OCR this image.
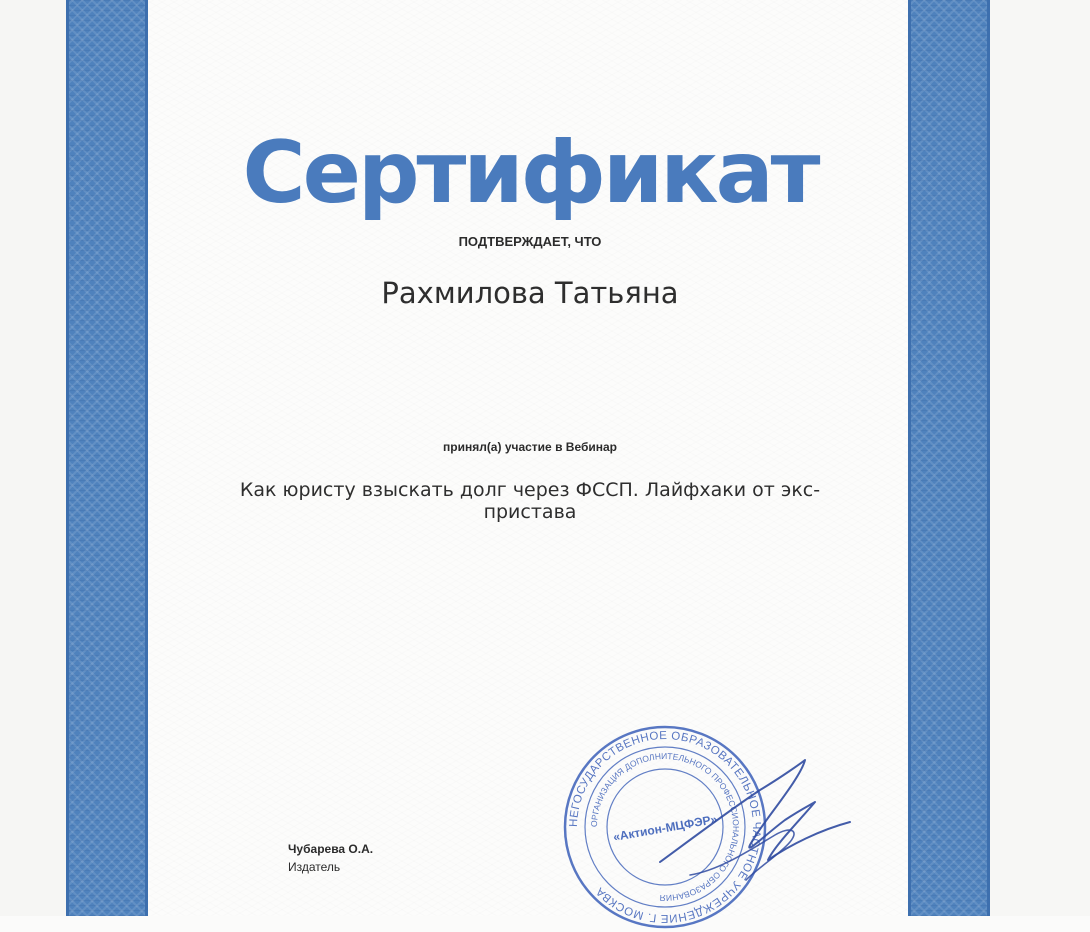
Сертификат
ПОДТВЕРЖДАЕТ, ЧТО
Рахмилова Татьяна
принял(а) участие в Вебинар
Как юристу взыскать долг через ФССП. Лайфхаки от экс-пристава
Чубарева О.А.
Издатель
НЕГОСУДАРСТВЕННОЕ ОБРАЗОВАТЕЛЬНОЕ ЧАСТНОЕ УЧРЕЖДЕНИЕ Г. МОСКВА
ОРГАНИЗАЦИЯ ДОПОЛНИТЕЛЬНОГО ПРОФЕССИОНАЛЬНОГО ОБРАЗОВАНИЯ
«Актион-МЦФЭР»
